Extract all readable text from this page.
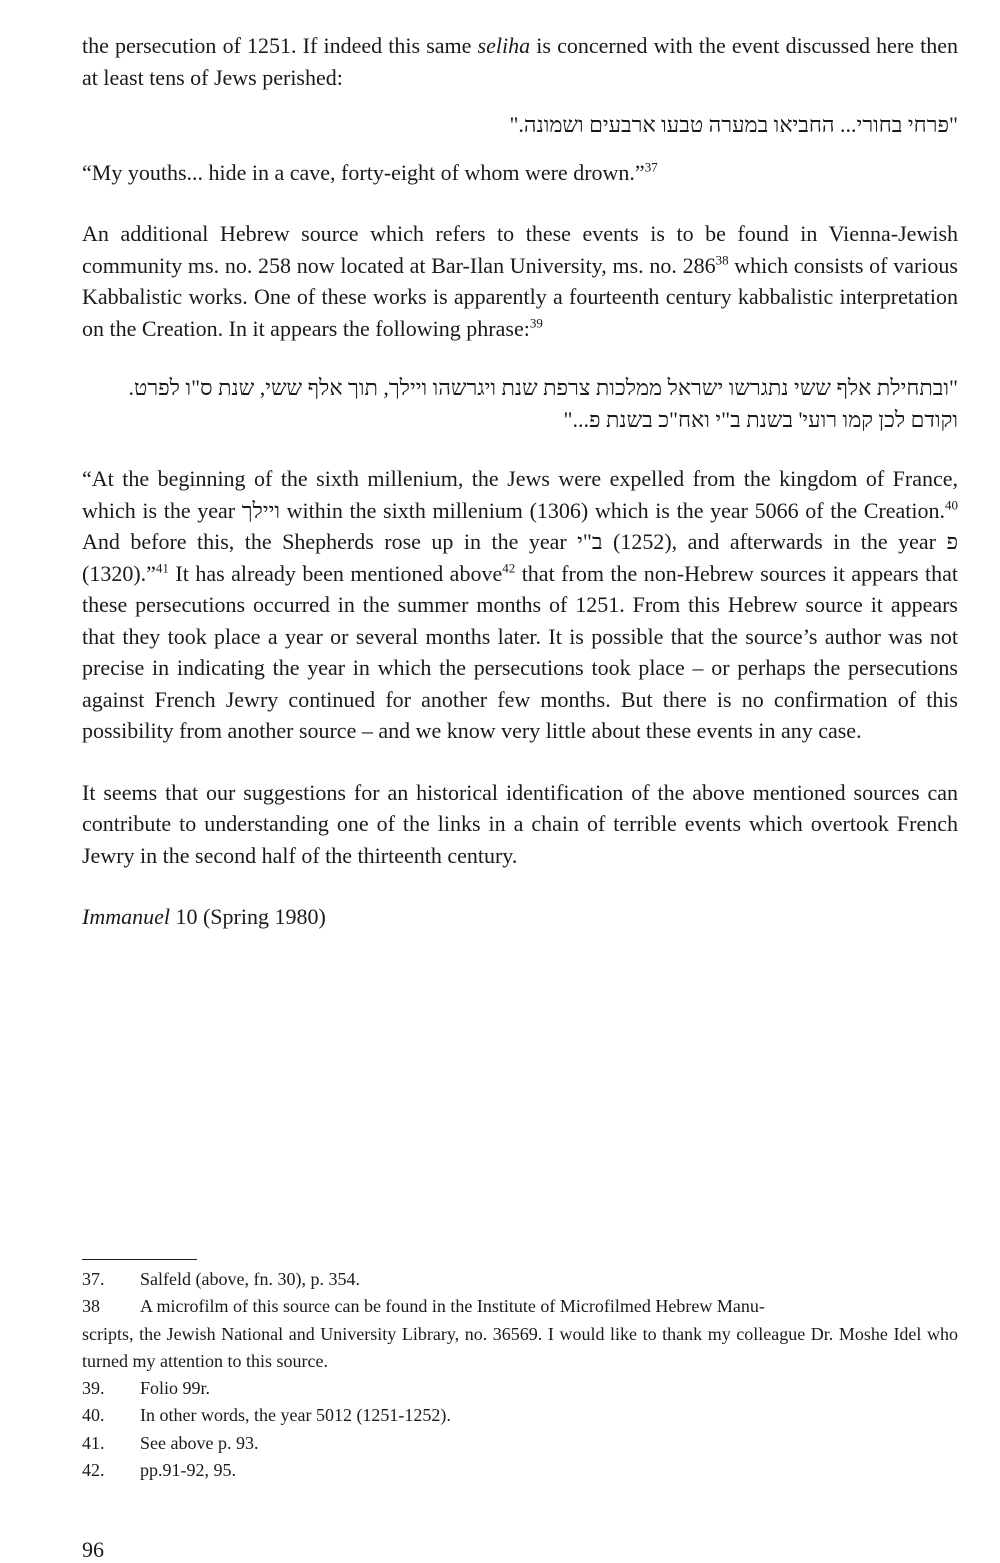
the persecution of 1251. If indeed this same seliha is concerned with the event discussed here then at least tens of Jews perished:

"פרחי בחורי... החביאו במערה טבעו ארבעים ושמונה."

“My youths... hide in a cave, forty-eight of whom were drown.”$^{37}$

An additional Hebrew source which refers to these events is to be found in Vienna-Jewish community ms. no. 258 now located at Bar-Ilan University, ms. no. $286^{38}$ which consists of various Kabbalistic works. One of these works is apparently a fourteenth century kabbalistic interpretation on the Creation. In it appears the following phrase:$^{39}$

"ובתחילת אלף ששי נתגרשו ישראל ממלכות צרפת שנת ויגרשהו ויילך, תוך אלף ששי, שנת ס"ו לפרט. וקודם לכן קמו רועי' בשנת ב"י ואח"כ בשנת פ..."

“At the beginning of the sixth millenium, the Jews were expelled from the kingdom of France, which is the year ויילך within the sixth millenium (1306) which is the year 5066 of the Creation.$^{40}$ And before this, the Shepherds rose up in the year ב"י (1252), and afterwards in the year פ (1320).”$^{41}$ It has already been mentioned above$^{42}$ that from the non-Hebrew sources it appears that these persecutions occurred in the summer months of 1251. From this Hebrew source it appears that they took place a year or several months later. It is possible that the source’s author was not precise in indicating the year in which the persecutions took place – or perhaps the persecutions against French Jewry continued for another few months. But there is no confirmation of this possibility from another source – and we know very little about these events in any case.

It seems that our suggestions for an historical identification of the above mentioned sources can contribute to understanding one of the links in a chain of terrible events which overtook French Jewry in the second half of the thirteenth century.

Immanuel 10 (Spring 1980)

37.	Salfeld (above, fn. 30), p. 354.
38	A microfilm of this source can be found in the Institute of Microfilmed Hebrew Manu-

scripts, the Jewish National and University Library, no. 36569. I would like to thank my colleague Dr. Moshe Idel who turned my attention to this source.

39.	Folio 99r.
40.	In other words, the year 5012 (1251-1252).
41.	See above p. 93.
42.	pp.91-92, 95.
96
